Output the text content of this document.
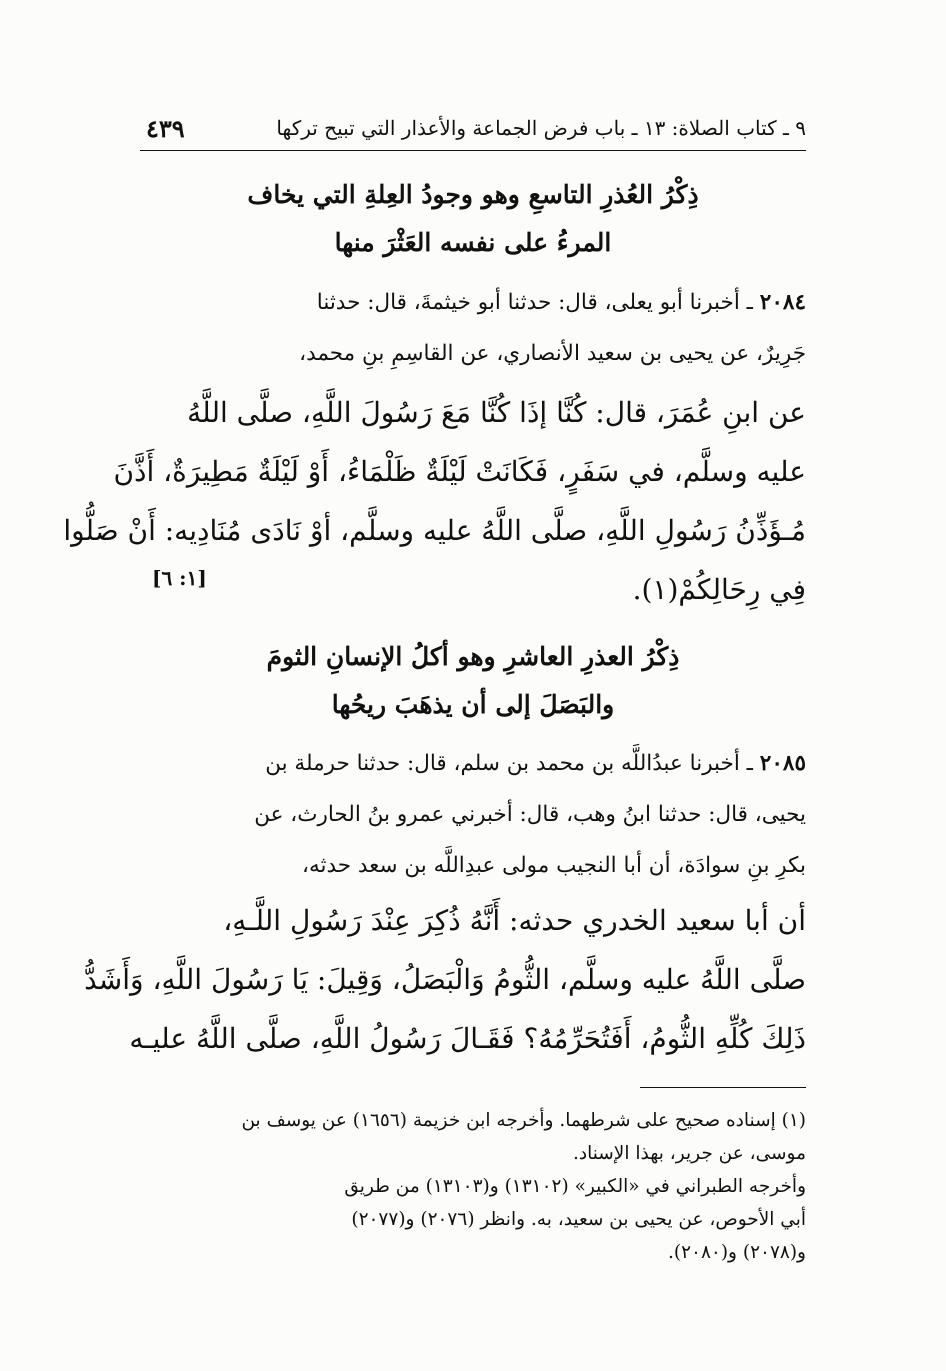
٩ ـ كتاب الصلاة: ١٣ ـ باب فرض الجماعة والأعذار التي تبيح تركها
٤٣٩
ذِكْرُ العُذرِ التاسعِ وهو وجودُ العِلةِ التي يخاف
المرءُ على نفسه العَثْرَ منها
٢٠٨٤ ـ أخبرنا أبو يعلى، قال: حدثنا أبو خيثمةَ، قال: حدثنا
جَرِيرٌ، عن يحيى بن سعيد الأنصاري، عن القاسِمِ بنِ محمد،
عن ابنِ عُمَرَ، قال: كُنَّا إذَا كُنَّا مَعَ رَسُولَ اللَّهِ، صلَّى اللَّهُ
عليه وسلَّم، في سَفَرٍ، فَكَانَتْ لَيْلَةٌ ظَلْمَاءُ، أَوْ لَيْلَةٌ مَطِيرَةٌ، أَذَّنَ
مُـؤَذِّنُ رَسُولِ اللَّهِ، صلَّى اللَّهُ عليه وسلَّم، أوْ نَادَى مُنَادِيه: أَنْ صَلُّوا
فِي رِحَالِكُمْ(١).
[١: ٦]
ذِكْرُ العذرِ العاشرِ وهو أكلُ الإنسانِ الثومَ
والبَصَلَ إلى أن يذهَبَ ريحُها
٢٠٨٥ ـ أخبرنا عبدُاللَّه بن محمد بن سلم، قال: حدثنا حرملة بن
يحيى، قال: حدثنا ابنُ وهب، قال: أخبرني عمرو بنُ الحارث، عن
بكرِ بنِ سوادَة، أن أبا النجيب مولى عبدِاللَّه بن سعد حدثه،
أن أبا سعيد الخدري حدثه: أَنَّهُ ذُكِرَ عِنْدَ رَسُولِ اللَّـهِ،
صلَّى اللَّهُ عليه وسلَّم، الثُّومُ وَالْبَصَلُ، وَقِيلَ: يَا رَسُولَ اللَّهِ، وَأَشَدُّ
ذَلِكَ كُلِّهِ الثُّومُ، أَفَتُحَرِّمُهُ؟ فَقَـالَ رَسُولُ اللَّهِ، صلَّى اللَّهُ عليـه
(١) إسناده صحيح على شرطهما. وأخرجه ابن خزيمة (١٦٥٦) عن يوسف بن
موسى، عن جرير، بهذا الإسناد.
وأخرجه الطبراني في «الكبير» (١٣١٠٢) و(١٣١٠٣) من طريق
أبي الأحوص، عن يحيى بن سعيد، به. وانظر (٢٠٧٦) و(٢٠٧٧)
و(٢٠٧٨) و(٢٠٨٠).
